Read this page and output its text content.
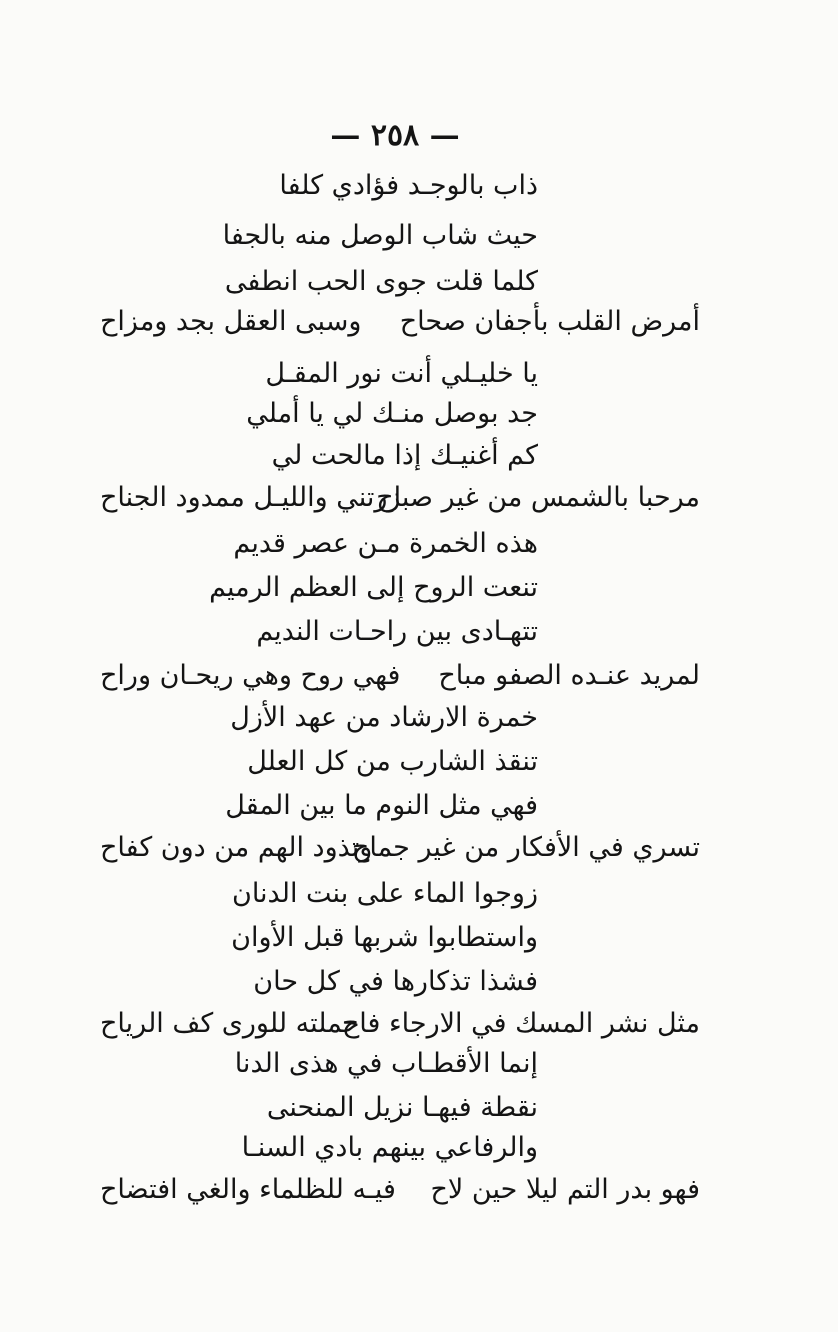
— ٢٥٨ —
ذاب بالوجـد فؤادي كلفا
حيث شاب الوصل منه بالجفا
كلما قلت جوى الحب انطفى
أمرض القلب بأجفان صحاح
وسبى العقل بجد ومزاح
يا خليـلي أنت نور المقـل
جد بوصل منـك لي يا أملي
كم أغنيـك إذا مالحت لي
مرحبا بالشمس من غير صباح
زرتني والليـل ممدود الجناح
هذه الخمرة مـن عصر قديم
تنعت الروح إلى العظم الرميم
تتهـادى بين راحـات النديم
لمريد عنـده الصفو مباح
فهي روح وهي ريحـان وراح
خمرة الارشاد من عهد الأزل
تنقذ الشارب من كل العلل
فهي مثل النوم ما بين المقل
تسري في الأفكار من غير جماح
وتذود الهم من دون كفاح
زوجوا الماء على بنت الدنان
واستطابوا شربها قبل الأوان
فشذا تذكارها في كل حان
مثل نشر المسك في الارجاء فاح
حملته للورى كف الرياح
إنما الأقطـاب في هذى الدنا
نقطة فيهـا نزيل المنحنى
والرفاعي بينهم بادي السنـا
فهو بدر التم ليلا حين لاح
فيـه للظلماء والغي افتضاح
